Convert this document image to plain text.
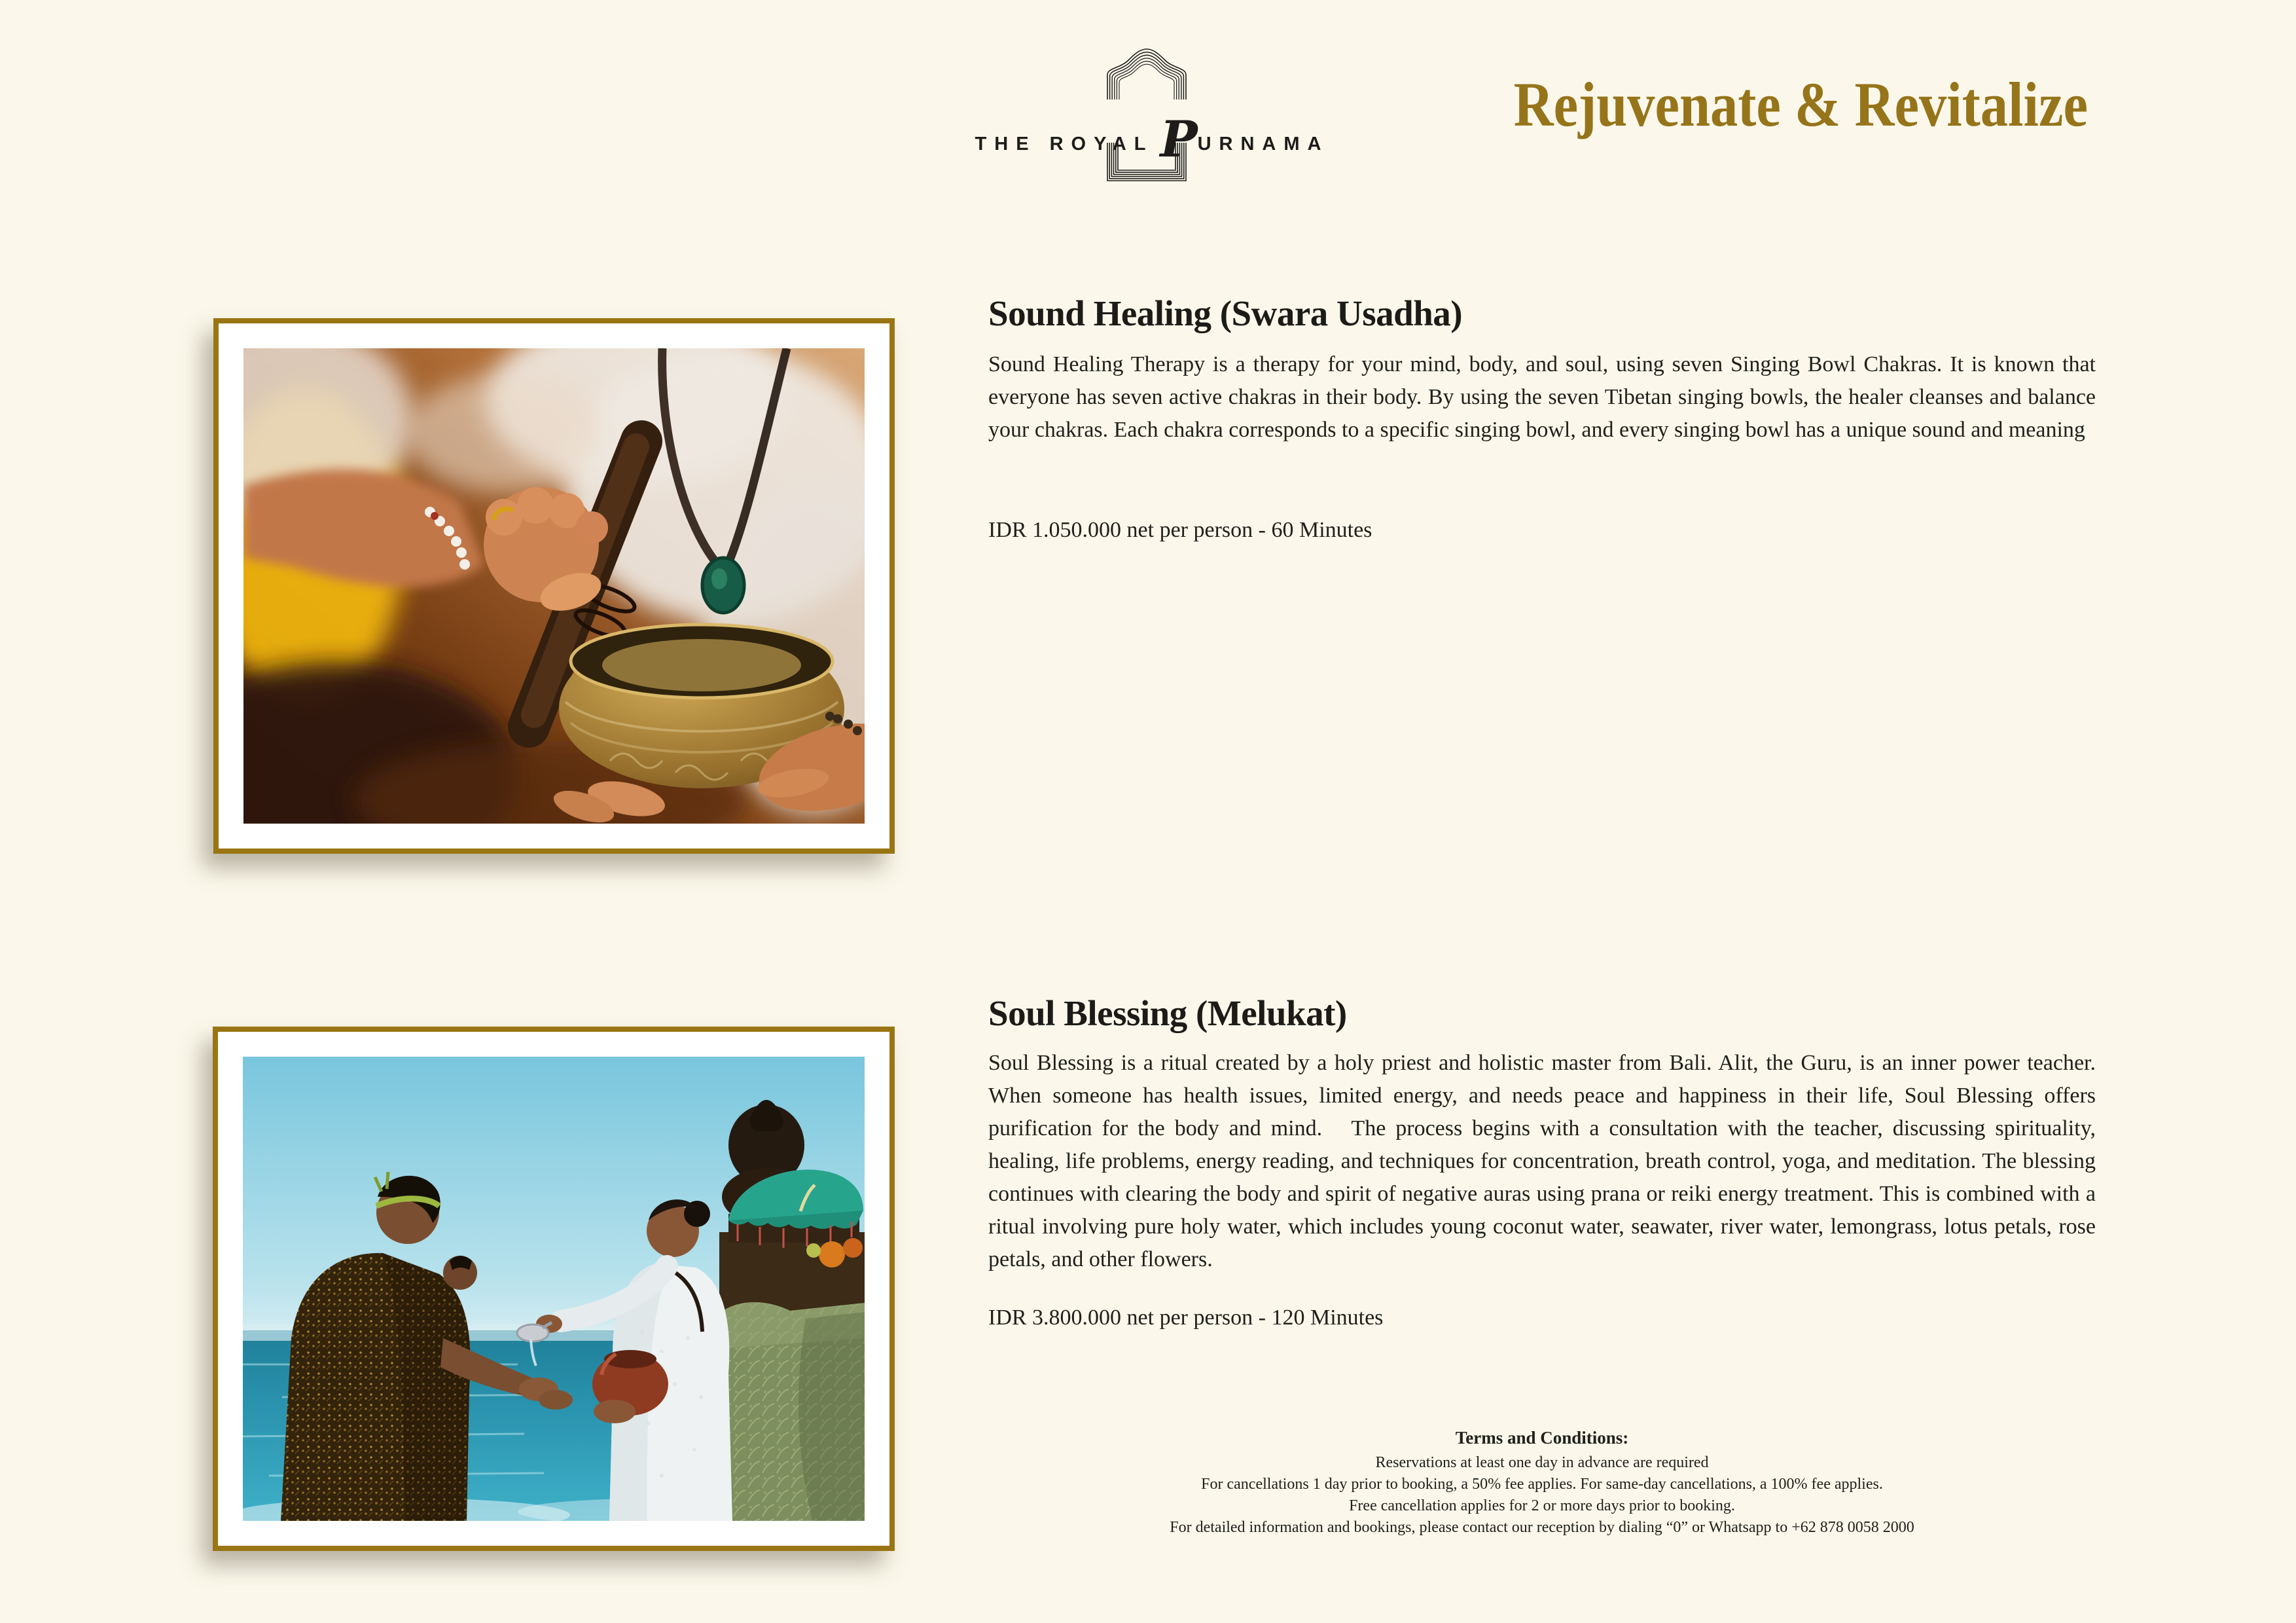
THE ROYAL PURNAMA
Rejuvenate & Revitalize
Sound Healing (Swara Usadha)
Sound Healing Therapy is a therapy for your mind, body, and soul, using seven Singing Bowl Chakras. It is known that everyone has seven active chakras in their body. By using the seven Tibetan singing bowls, the healer cleanses and balance your chakras. Each chakra corresponds to a specific singing bowl, and every singing bowl has a unique sound and meaning
IDR 1.050.000 net per person - 60 Minutes
Soul Blessing (Melukat)
Soul Blessing is a ritual created by a holy priest and holistic master from Bali. Alit, the Guru, is an inner power teacher. When someone has health issues, limited energy, and needs peace and happiness in their life, Soul Blessing offers purification for the body and mind.   The process begins with a consultation with the teacher, discussing spirituality, healing, life problems, energy reading, and techniques for concentration, breath control, yoga, and meditation. The blessing continues with clearing the body and spirit of negative auras using prana or reiki energy treatment. This is combined with a ritual involving pure holy water, which includes young coconut water, seawater, river water, lemongrass, lotus petals, rose petals, and other flowers.
IDR 3.800.000 net per person - 120 Minutes
Terms and Conditions:
Reservations at least one day in advance are required
For cancellations 1 day prior to booking, a 50% fee applies. For same-day cancellations, a 100% fee applies.
Free cancellation applies for 2 or more days prior to booking.
For detailed information and bookings, please contact our reception by dialing “0” or Whatsapp to +62 878 0058 2000
